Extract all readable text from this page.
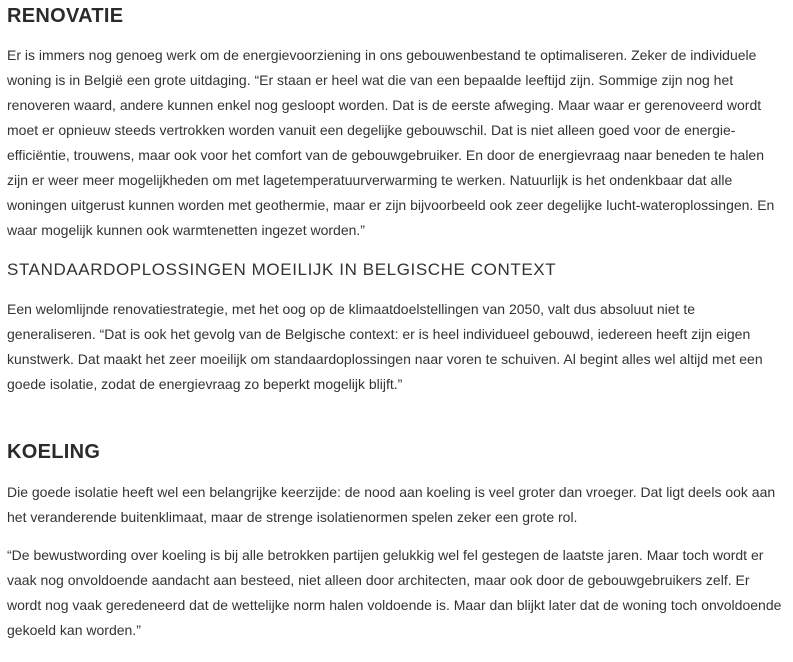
RENOVATIE

Er is immers nog genoeg werk om de energievoorziening in ons gebouwenbestand te optimaliseren. Zeker de individuele woning is in België een grote uitdaging. “Er staan er heel wat die van een bepaalde leeftijd zijn. Sommige zijn nog het renoveren waard, andere kunnen enkel nog gesloopt worden. Dat is de eerste afweging. Maar waar er gerenoveerd wordt moet er opnieuw steeds vertrokken worden vanuit een degelijke gebouwschil. Dat is niet alleen goed voor de energie-efficiëntie, trouwens, maar ook voor het comfort van de gebouwgebruiker. En door de energievraag naar beneden te halen zijn er weer meer mogelijkheden om met lagetemperatuurverwarming te werken. Natuurlijk is het ondenkbaar dat alle woningen uitgerust kunnen worden met geothermie, maar er zijn bijvoorbeeld ook zeer degelijke lucht-wateroplossingen. En waar mogelijk kunnen ook warmtenetten ingezet worden.”

STANDAARDOPLOSSINGEN MOEILIJK IN BELGISCHE CONTEXT

Een welomlijnde renovatiestrategie, met het oog op de klimaatdoelstellingen van 2050, valt dus absoluut niet te generaliseren. “Dat is ook het gevolg van de Belgische context: er is heel individueel gebouwd, iedereen heeft zijn eigen kunstwerk. Dat maakt het zeer moeilijk om standaardoplossingen naar voren te schuiven. Al begint alles wel altijd met een goede isolatie, zodat de energievraag zo beperkt mogelijk blijft.”

KOELING

Die goede isolatie heeft wel een belangrijke keerzijde: de nood aan koeling is veel groter dan vroeger. Dat ligt deels ook aan het veranderende buitenklimaat, maar de strenge isolatienormen spelen zeker een grote rol.

“De bewustwording over koeling is bij alle betrokken partijen gelukkig wel fel gestegen de laatste jaren. Maar toch wordt er vaak nog onvoldoende aandacht aan besteed, niet alleen door architecten, maar ook door de gebouwgebruikers zelf. Er wordt nog vaak geredeneerd dat de wettelijke norm halen voldoende is. Maar dan blijkt later dat de woning toch onvoldoende gekoeld kan worden.”
